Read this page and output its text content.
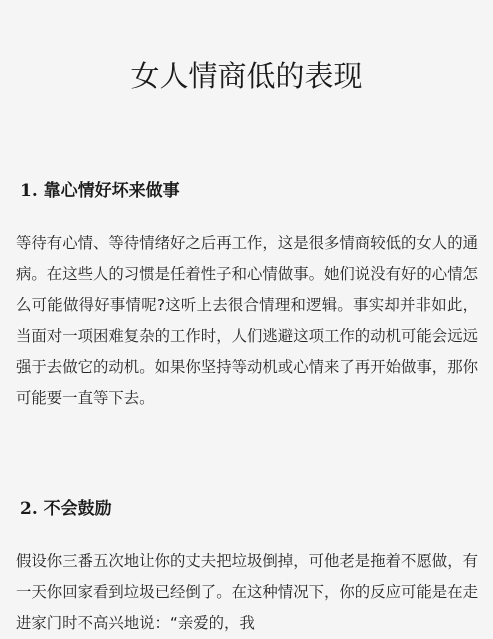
女人情商低的表现
1. 靠心情好坏来做事

等待有心情、等待情绪好之后再工作，这是很多情商较低的女人的通病。在这些人的习惯是任着性子和心情做事。她们说没有好的心情怎么可能做得好事情呢?这听上去很合情理和逻辑。事实却并非如此，当面对一项困难复杂的工作时，人们逃避这项工作的动机可能会远远强于去做它的动机。如果你坚持等动机或心情来了再开始做事，那你可能要一直等下去。

2. 不会鼓励

假设你三番五次地让你的丈夫把垃圾倒掉，可他老是拖着不愿做，有一天你回家看到垃圾已经倒了。在这种情况下，你的反应可能是在走进家门时不高兴地说：“亲爱的，我
